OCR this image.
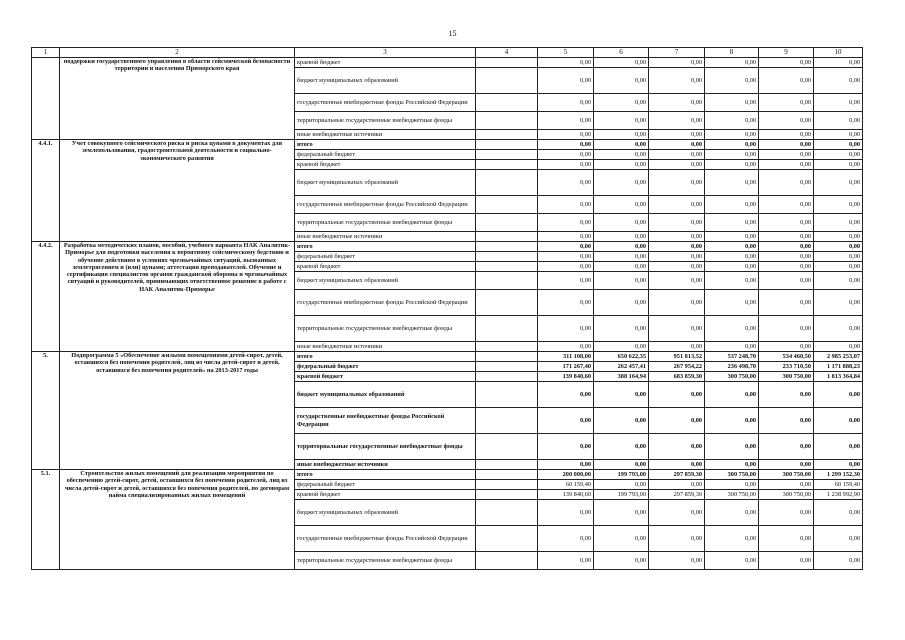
15
1	2	3	4	5	6	7	8	9	10
	поддержки государственного управления в области сейсмической безопасности территории и населения Приморского края	краевой бюджет		0,00	0,00	0,00	0,00	0,00	0,00
		бюджет муниципальных образований		0,00	0,00	0,00	0,00	0,00	0,00
		государственные внебюджетные фонды Российской Федерации		0,00	0,00	0,00	0,00	0,00	0,00
		территориальные государственные внебюджетные фонды		0,00	0,00	0,00	0,00	0,00	0,00
		иные внебюджетные источники		0,00	0,00	0,00	0,00	0,00	0,00
4.4.1.	Учет совокупного сейсмического риска и риска цунами в документах для землепользования, градостроительной деятельности и социально-экономического развития	итого		0,00	0,00	0,00	0,00	0,00	0,00
		федеральный бюджет		0,00	0,00	0,00	0,00	0,00	0,00
		краевой бюджет		0,00	0,00	0,00	0,00	0,00	0,00
		бюджет муниципальных образований		0,00	0,00	0,00	0,00	0,00	0,00
		государственные внебюджетные фонды Российской Федерации		0,00	0,00	0,00	0,00	0,00	0,00
		территориальные государственные внебюджетные фонды		0,00	0,00	0,00	0,00	0,00	0,00
		иные внебюджетные источники		0,00	0,00	0,00	0,00	0,00	0,00
4.4.2.	Разработка методических планов, пособий, учебного варианта НАК Аналитик-Приморье для подготовки населения к вероятному сейсмическому бедствию и обучение действиям в условиях чрезвычайных ситуаций, вызванных землетрясением и (или) цунами; аттестация преподавателей. Обучение и сертификация специалистов органов гражданской обороны и чрезвычайных ситуаций и руководителей, принимающих ответственное решение в работе с НАК Аналитик-Приморье	итого		0,00	0,00	0,00	0,00	0,00	0,00
		федеральный бюджет		0,00	0,00	0,00	0,00	0,00	0,00
		краевой бюджет		0,00	0,00	0,00	0,00	0,00	0,00
		бюджет муниципальных образований		0,00	0,00	0,00	0,00	0,00	0,00
		государственные внебюджетные фонды Российской Федерации		0,00	0,00	0,00	0,00	0,00	0,00
		территориальные государственные внебюджетные фонды		0,00	0,00	0,00	0,00	0,00	0,00
		иные внебюджетные источники		0,00	0,00	0,00	0,00	0,00	0,00
5.	Подпрограмма 5 «Обеспечение жилыми помещениями детей-сирот, детей, оставшихся без попечения родителей, лиц из числа детей-сирот и детей, оставшихся без попечения родителей» на 2013-2017 годы	итого		311 108,00	650 622,35	951 813,52	537 248,70	534 460,50	2 985 253,07
		федеральный бюджет		171 267,40	262 457,41	267 954,22	236 498,70	233 710,50	1 171 888,23
		краевой бюджет		139 840,60	388 164,94	683 859,30	300 750,00	300 750,00	1 813 364,84
		бюджет муниципальных образований		0,00	0,00	0,00	0,00	0,00	0,00
		государственные внебюджетные фонды Российской Федерации		0,00	0,00	0,00	0,00	0,00	0,00
		территориальные государственные внебюджетные фонды		0,00	0,00	0,00	0,00	0,00	0,00
		иные внебюджетные источники		0,00	0,00	0,00	0,00	0,00	0,00
5.1.	Строительство жилых помещений для реализации мероприятия по обеспечению детей-сирот, детей, оставшихся без попечения родителей, лиц из числа детей-сирот и детей, оставшихся без попечения родителей, по договорам найма специализированных жилых помещений	итого		200 000,00	199 793,00	297 859,30	300 750,00	300 750,00	1 299 152,30
		федеральный бюджет		60 159,40	0,00	0,00	0,00	0,00	60 159,40
		краевой бюджет		139 840,60	199 793,00	297 859,30	300 750,00	300 750,00	1 238 992,90
		бюджет муниципальных образований		0,00	0,00	0,00	0,00	0,00	0,00
		государственные внебюджетные фонды Российской Федерации		0,00	0,00	0,00	0,00	0,00	0,00
		территориальные государственные внебюджетные фонды		0,00	0,00	0,00	0,00	0,00	0,00
